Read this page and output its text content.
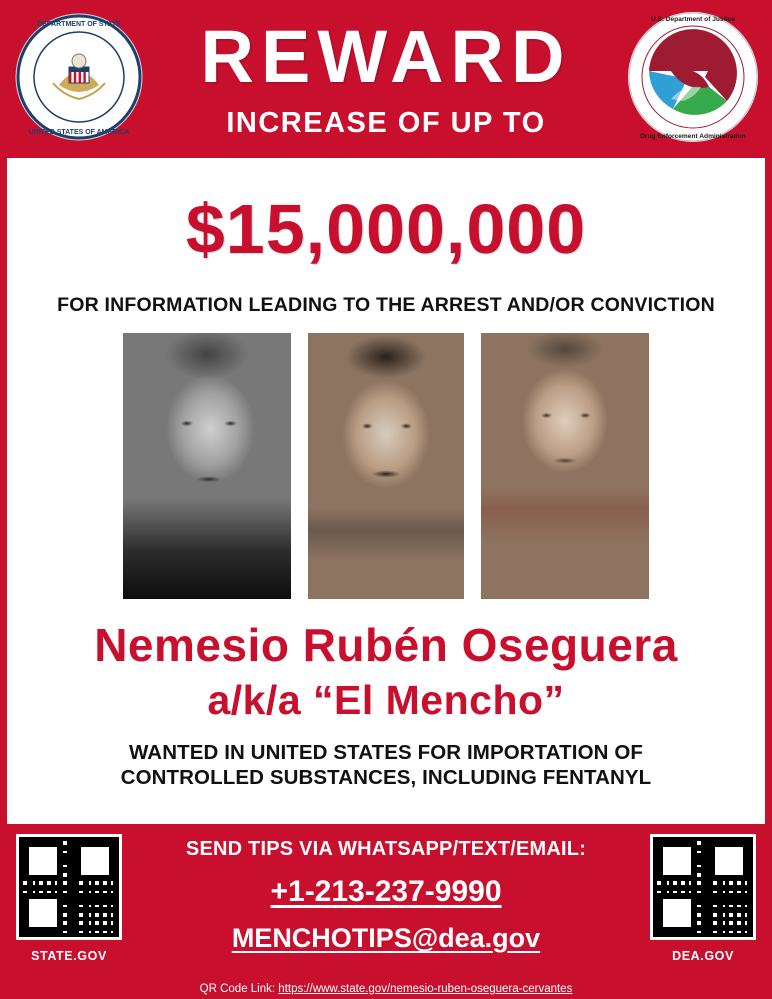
DEPARTMENT OF STATE
UNITED STATES OF AMERICA
REWARD
INCREASE OF UP TO
U.S. Department of Justice
Drug Enforcement Administration
$15,000,000
FOR INFORMATION LEADING TO THE ARREST AND/OR CONVICTION
Nemesio Rubén Oseguera
a/k/a “El Mencho”
WANTED IN UNITED STATES FOR IMPORTATION OF
CONTROLLED SUBSTANCES, INCLUDING FENTANYL
STATE.GOV
SEND TIPS VIA WHATSAPP/TEXT/EMAIL:
+1-213-237-9990
MENCHOTIPS@dea.gov
DEA.GOV
QR Code Link: https://www.state.gov/nemesio-ruben-oseguera-cervantes
